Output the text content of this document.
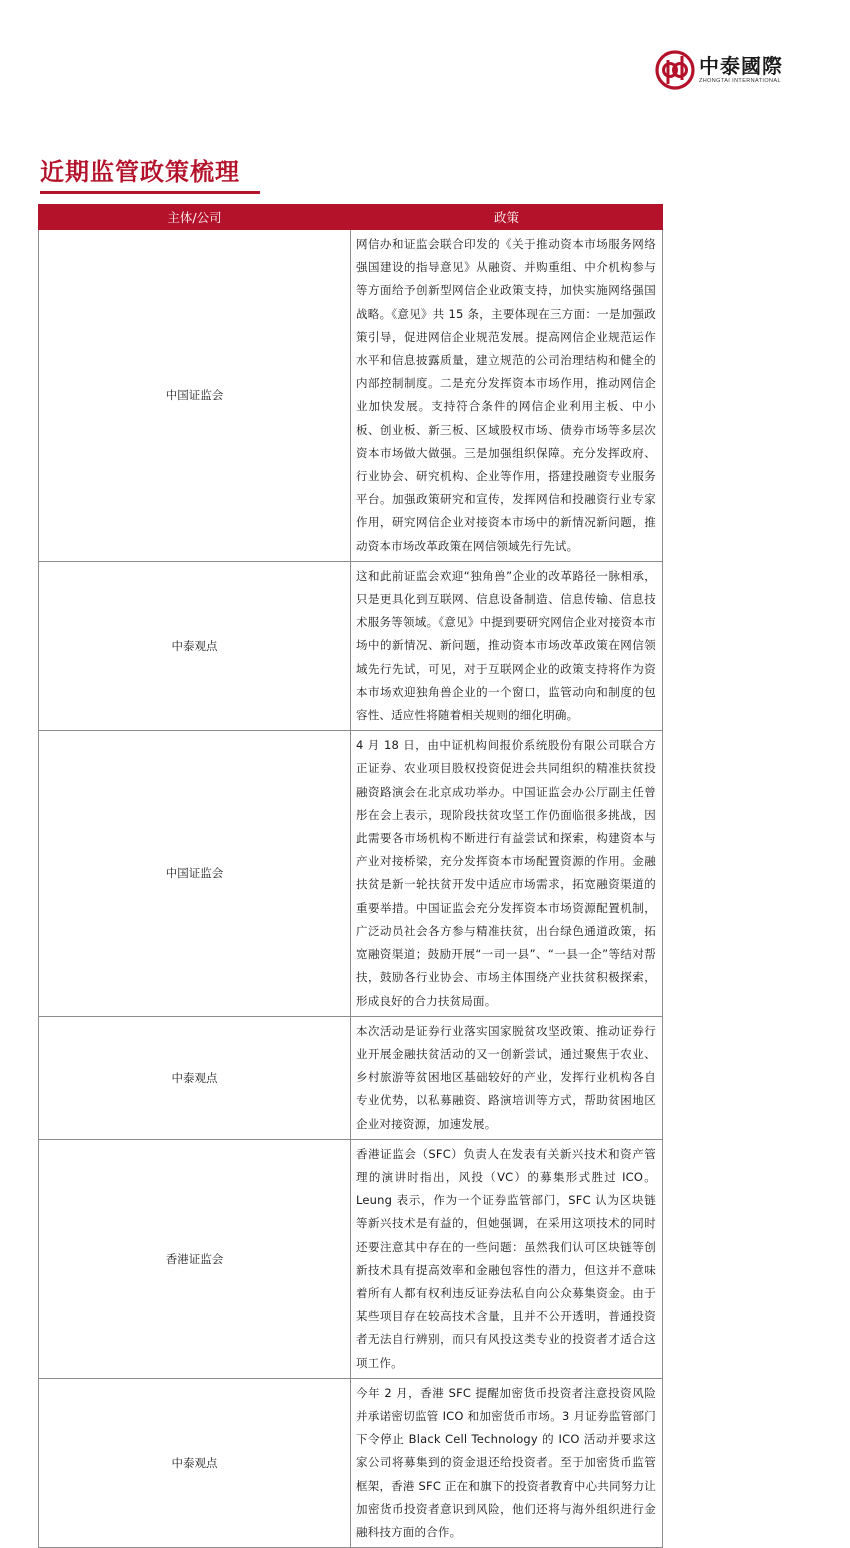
中泰國際
ZHONGTAI INTERNATIONAL
近期监管政策梳理
主体/公司	政策
中国证监会	网信办和证监会联合印发的《关于推动资本市场服务网络强国建设的指导意见》从融资、并购重组、中介机构参与等方面给予创新型网信企业政策支持，加快实施网络强国战略。《意见》共 15 条，主要体现在三方面：一是加强政策引导，促进网信企业规范发展。提高网信企业规范运作水平和信息披露质量，建立规范的公司治理结构和健全的内部控制制度。二是充分发挥资本市场作用，推动网信企业加快发展。支持符合条件的网信企业利用主板、中小板、创业板、新三板、区域股权市场、债券市场等多层次资本市场做大做强。三是加强组织保障。充分发挥政府、行业协会、研究机构、企业等作用，搭建投融资专业服务平台。加强政策研究和宣传，发挥网信和投融资行业专家作用，研究网信企业对接资本市场中的新情况新问题，推动资本市场改革政策在网信领域先行先试。
中泰观点	这和此前证监会欢迎“独角兽”企业的改革路径一脉相承，只是更具化到互联网、信息设备制造、信息传输、信息技术服务等领域。《意见》中提到要研究网信企业对接资本市场中的新情况、新问题，推动资本市场改革政策在网信领域先行先试，可见，对于互联网企业的政策支持将作为资本市场欢迎独角兽企业的一个窗口，监管动向和制度的包容性、适应性将随着相关规则的细化明确。
中国证监会	4 月 18 日，由中证机构间报价系统股份有限公司联合方正证券、农业项目股权投资促进会共同组织的精准扶贫投融资路演会在北京成功举办。中国证监会办公厅副主任曾彤在会上表示，现阶段扶贫攻坚工作仍面临很多挑战，因此需要各市场机构不断进行有益尝试和探索，构建资本与产业对接桥梁，充分发挥资本市场配置资源的作用。金融扶贫是新一轮扶贫开发中适应市场需求，拓宽融资渠道的重要举措。中国证监会充分发挥资本市场资源配置机制，广泛动员社会各方参与精准扶贫，出台绿色通道政策，拓宽融资渠道；鼓励开展“一司一县”、“一县一企”等结对帮扶，鼓励各行业协会、市场主体围绕产业扶贫积极探索，形成良好的合力扶贫局面。
中泰观点	本次活动是证券行业落实国家脱贫攻坚政策、推动证券行业开展金融扶贫活动的又一创新尝试，通过聚焦于农业、乡村旅游等贫困地区基础较好的产业，发挥行业机构各自专业优势，以私募融资、路演培训等方式，帮助贫困地区企业对接资源，加速发展。
香港证监会	香港证监会（SFC）负责人在发表有关新兴技术和资产管理的演讲时指出，风投（VC）的募集形式胜过 ICO。Leung 表示，作为一个证券监管部门，SFC 认为区块链等新兴技术是有益的，但她强调，在采用这项技术的同时还要注意其中存在的一些问题：虽然我们认可区块链等创新技术具有提高效率和金融包容性的潜力，但这并不意味着所有人都有权利违反证券法私自向公众募集资金。由于某些项目存在较高技术含量，且并不公开透明，普通投资者无法自行辨别，而只有风投这类专业的投资者才适合这项工作。
中泰观点	今年 2 月，香港 SFC 提醒加密货币投资者注意投资风险并承诺密切监管 ICO 和加密货币市场。3 月证券监管部门下令停止 Black Cell Technology 的 ICO 活动并要求这家公司将募集到的资金退还给投资者。至于加密货币监管框架，香港 SFC 正在和旗下的投资者教育中心共同努力让加密货币投资者意识到风险，他们还将与海外组织进行金融科技方面的合作。
